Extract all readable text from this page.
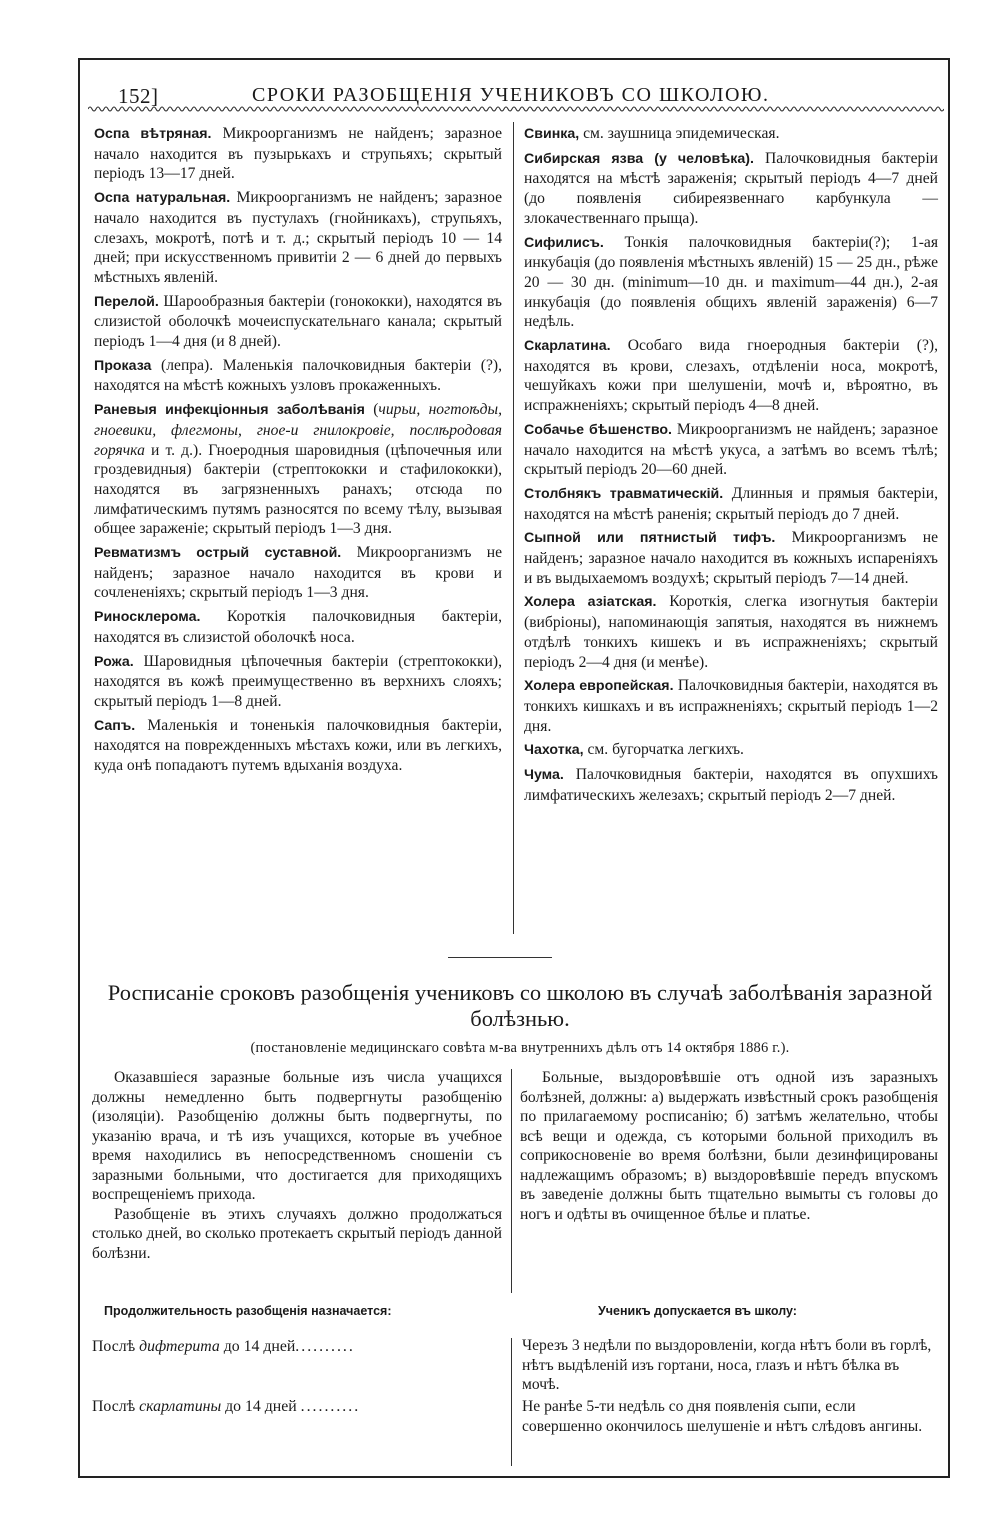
152]	СРОКИ РАЗОБЩЕНІЯ УЧЕНИКОВЪ СО ШКОЛОЮ.

Оспа вѣтряная. Микроорганизмъ не найденъ; заразное начало находится въ пузырькахъ и струпьяхъ; скрытый періодъ 13—17 дней.

Оспа натуральная. Микроорганизмъ не найденъ; заразное начало находится въ пустулахъ (гнойникахъ), струпьяхъ, слезахъ, мокротѣ, потѣ и т. д.; скрытый періодъ 10 — 14 дней; при искусственномъ привитіи 2 — 6 дней до первыхъ мѣстныхъ явленій.

Перелой. Шарообразныя бактеріи (гонококки), находятся въ слизистой оболочкѣ мочеиспускательнаго канала; скрытый періодъ 1—4 дня (и 8 дней).

Проказа (лепра). Маленькія палочковидныя бактеріи (?), находятся на мѣстѣ кожныхъ узловъ прокаженныхъ.

Раневыя инфекціонныя заболѣванія (чирьи, ногтоѣды, гноевики, флегмоны, гное-и гнилокровіе, послѣродовая горячка и т. д.). Гноеродныя шаровидныя (цѣпочечныя или гроздевидныя) бактеріи (стрептококки и стафилококки), находятся въ загрязненныхъ ранахъ; отсюда по лимфатическимъ путямъ разносятся по всему тѣлу, вызывая общее зараженіе; скрытый періодъ 1—3 дня.

Ревматизмъ острый суставной. Микроорганизмъ не найденъ; заразное начало находится въ крови и сочлененіяхъ; скрытый періодъ 1—3 дня.

Риносклерома. Короткія палочковидныя бактеріи, находятся въ слизистой оболочкѣ носа.

Рожа. Шаровидныя цѣпочечныя бактеріи (стрептококки), находятся въ кожѣ преимущественно въ верхнихъ слояхъ; скрытый періодъ 1—8 дней.

Сапъ. Маленькія и тоненькія палочковидныя бактеріи, находятся на поврежденныхъ мѣстахъ кожи, или въ легкихъ, куда онѣ попадаютъ путемъ вдыханія воздуха.

Свинка, см. заушница эпидемическая.

Сибирская язва (у человѣка). Палочковидныя бактеріи находятся на мѣстѣ зараженія; скрытый періодъ 4—7 дней (до появленія сибиреязвеннаго карбункула — злокачественнаго прыща).

Сифилисъ. Тонкія палочковидныя бактеріи(?); 1-ая инкубація (до появленія мѣстныхъ явленій) 15 — 25 дн., рѣже 20 — 30 дн. (minimum—10 дн. и maximum—44 дн.), 2-ая инкубація (до появленія общихъ явленій зараженія) 6—7 недѣль.

Скарлатина. Особаго вида гноеродныя бактеріи (?), находятся въ крови, слезахъ, отдѣленіи носа, мокротѣ, чешуйкахъ кожи при шелушеніи, мочѣ и, вѣроятно, въ испражненіяхъ; скрытый періодъ 4—8 дней.

Собачье бѣшенство. Микроорганизмъ не найденъ; заразное начало находится на мѣстѣ укуса, а затѣмъ во всемъ тѣлѣ; скрытый періодъ 20—60 дней.

Столбнякъ травматическій. Длинныя и прямыя бактеріи, находятся на мѣстѣ раненія; скрытый періодъ до 7 дней.

Сыпной или пятнистый тифъ. Микроорганизмъ не найденъ; заразное начало находится въ кожныхъ испареніяхъ и въ выдыхаемомъ воздухѣ; скрытый періодъ 7—14 дней.

Холера азіатская. Короткія, слегка изогнутыя бактеріи (вибріоны), напоминающія запятыя, находятся въ нижнемъ отдѣлѣ тонкихъ кишекъ и въ испражненіяхъ; скрытый періодъ 2—4 дня (и менѣе).

Холера европейская. Палочковидныя бактеріи, находятся въ тонкихъ кишкахъ и въ испражненіяхъ; скрытый періодъ 1—2 дня.

Чахотка, см. бугорчатка легкихъ.

Чума. Палочковидныя бактеріи, находятся въ опухшихъ лимфатическихъ железахъ; скрытый періодъ 2—7 дней.

Росписаніе сроковъ разобщенія учениковъ со школою въ случаѣ заболѣванія заразной болѣзнью.
(постановленіе медицинскаго совѣта м-ва внутреннихъ дѣлъ отъ 14 октября 1886 г.).

Оказавшіеся заразные больные изъ числа учащихся должны немедленно быть подвергнуты разобщенію (изоляціи). Разобщенію должны быть подвергнуты, по указанію врача, и тѣ изъ учащихся, которые въ учебное время находились въ непосредственномъ сношеніи съ заразными больными, что достигается для приходящихъ воспрещеніемъ прихода.

Разобщеніе въ этихъ случаяхъ должно продолжаться столько дней, во сколько протекаетъ скрытый періодъ данной болѣзни.

Больные, выздоровѣвшіе отъ одной изъ заразныхъ болѣзней, должны: а) выдержать извѣстный срокъ разобщенія по прилагаемому росписанію; б) затѣмъ желательно, чтобы всѣ вещи и одежда, съ которыми больной приходилъ въ соприкосновеніе во время болѣзни, были дезинфицированы надлежащимъ образомъ; в) выздоровѣвшіе передъ впускомъ въ заведеніе должны быть тщательно вымыты съ головы до ногъ и одѣты въ очищенное бѣлье и платье.

Продолжительность разобщенія назначается:	Ученикъ допускается въ школу:
Послѣ дифтерита до 14 дней..........	Черезъ 3 недѣли по выздоровленіи, когда нѣтъ боли въ горлѣ, нѣтъ выдѣленій изъ гортани, носа, глазъ и нѣтъ бѣлка въ мочѣ.
Послѣ скарлатины до 14 дней ..........	Не ранѣе 5-ти недѣль со дня появленія сыпи, если совершенно окончилось шелушеніе и нѣтъ слѣдовъ ангины.
